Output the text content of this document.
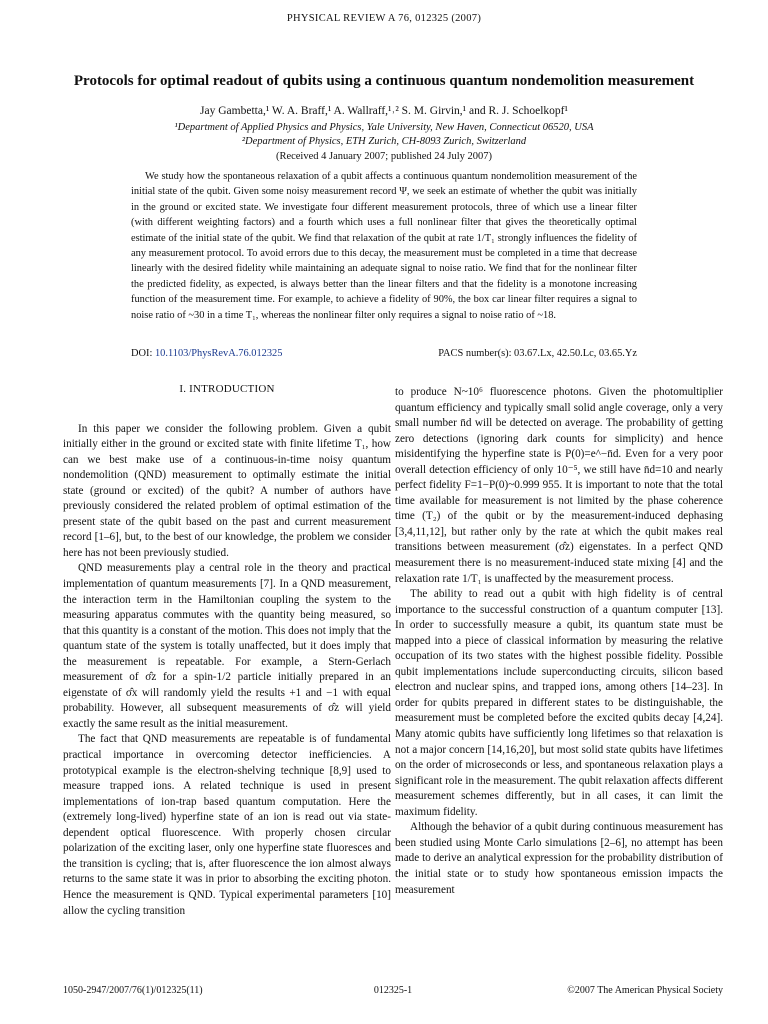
PHYSICAL REVIEW A 76, 012325 (2007)
Protocols for optimal readout of qubits using a continuous quantum nondemolition measurement
Jay Gambetta,¹ W. A. Braff,¹ A. Wallraff,¹˒² S. M. Girvin,¹ and R. J. Schoelkopf¹
¹Department of Applied Physics and Physics, Yale University, New Haven, Connecticut 06520, USA
²Department of Physics, ETH Zurich, CH-8093 Zurich, Switzerland
(Received 4 January 2007; published 24 July 2007)

We study how the spontaneous relaxation of a qubit affects a continuous quantum nondemolition measurement of the initial state of the qubit. Given some noisy measurement record Ψ, we seek an estimate of whether the qubit was initially in the ground or excited state. We investigate four different measurement protocols, three of which use a linear filter (with different weighting factors) and a fourth which uses a full nonlinear filter that gives the theoretically optimal estimate of the initial state of the qubit. We find that relaxation of the qubit at rate 1/T₁ strongly influences the fidelity of any measurement protocol. To avoid errors due to this decay, the measurement must be completed in a time that decrease linearly with the desired fidelity while maintaining an adequate signal to noise ratio. We find that for the nonlinear filter the predicted fidelity, as expected, is always better than the linear filters and that the fidelity is a monotone increasing function of the measurement time. For example, to achieve a fidelity of 90%, the box car linear filter requires a signal to noise ratio of ~30 in a time T₁, whereas the nonlinear filter only requires a signal to noise ratio of ~18.

DOI: 10.1103/PhysRevA.76.012325	PACS number(s): 03.67.Lx, 42.50.Lc, 03.65.Yz
I. INTRODUCTION

In this paper we consider the following problem. Given a qubit initially either in the ground or excited state with finite lifetime T₁, how can we best make use of a continuous-in-time noisy quantum nondemolition (QND) measurement to optimally estimate the initial state (ground or excited) of the qubit? A number of authors have previously considered the related problem of optimal estimation of the present state of the qubit based on the past and current measurement record [1–6], but, to the best of our knowledge, the problem we consider here has not been previously studied.

QND measurements play a central role in the theory and practical implementation of quantum measurements [7]. In a QND measurement, the interaction term in the Hamiltonian coupling the system to the measuring apparatus commutes with the quantity being measured, so that this quantity is a constant of the motion. This does not imply that the quantum state of the system is totally unaffected, but it does imply that the measurement is repeatable. For example, a Stern-Gerlach measurement of σ̂z for a spin-1/2 particle initially prepared in an eigenstate of σ̂x will randomly yield the results +1 and −1 with equal probability. However, all subsequent measurements of σ̂z will yield exactly the same result as the initial measurement.

The fact that QND measurements are repeatable is of fundamental practical importance in overcoming detector inefficiencies. A prototypical example is the electron-shelving technique [8,9] used to measure trapped ions. A related technique is used in present implementations of ion-trap based quantum computation. Here the (extremely long-lived) hyperfine state of an ion is read out via state-dependent optical fluorescence. With properly chosen circular polarization of the exciting laser, only one hyperfine state fluoresces and the transition is cycling; that is, after fluorescence the ion almost always returns to the same state it was in prior to absorbing the exciting photon. Hence the measurement is QND. Typical experimental parameters [10] allow the cycling transition

to produce N~10⁶ fluorescence photons. Given the photomultiplier quantum efficiency and typically small solid angle coverage, only a very small number n̄d will be detected on average. The probability of getting zero detections (ignoring dark counts for simplicity) and hence misidentifying the hyperfine state is P(0)=e^−n̄d. Even for a very poor overall detection efficiency of only 10⁻⁵, we still have n̄d=10 and nearly perfect fidelity F=1−P(0)~0.999 955. It is important to note that the total time available for measurement is not limited by the phase coherence time (T₂) of the qubit or by the measurement-induced dephasing [3,4,11,12], but rather only by the rate at which the qubit makes real transitions between measurement (σ̂z) eigenstates. In a perfect QND measurement there is no measurement-induced state mixing [4] and the relaxation rate 1/T₁ is unaffected by the measurement process.

The ability to read out a qubit with high fidelity is of central importance to the successful construction of a quantum computer [13]. In order to successfully measure a qubit, its quantum state must be mapped into a piece of classical information by measuring the relative occupation of its two states with the highest possible fidelity. Possible qubit implementations include superconducting circuits, silicon based electron and nuclear spins, and trapped ions, among others [14–23]. In order for qubits prepared in different states to be distinguishable, the measurement must be completed before the excited qubits decay [4,24]. Many atomic qubits have sufficiently long lifetimes so that relaxation is not a major concern [14,16,20], but most solid state qubits have lifetimes on the order of microseconds or less, and spontaneous relaxation plays a significant role in the measurement. The qubit relaxation affects different measurement schemes differently, but in all cases, it can limit the maximum fidelity.

Although the behavior of a qubit during continuous measurement has been studied using Monte Carlo simulations [2–6], no attempt has been made to derive an analytical expression for the probability distribution of the initial state or to study how spontaneous emission impacts the measurement

1050-2947/2007/76(1)/012325(11)	012325-1	©2007 The American Physical Society
